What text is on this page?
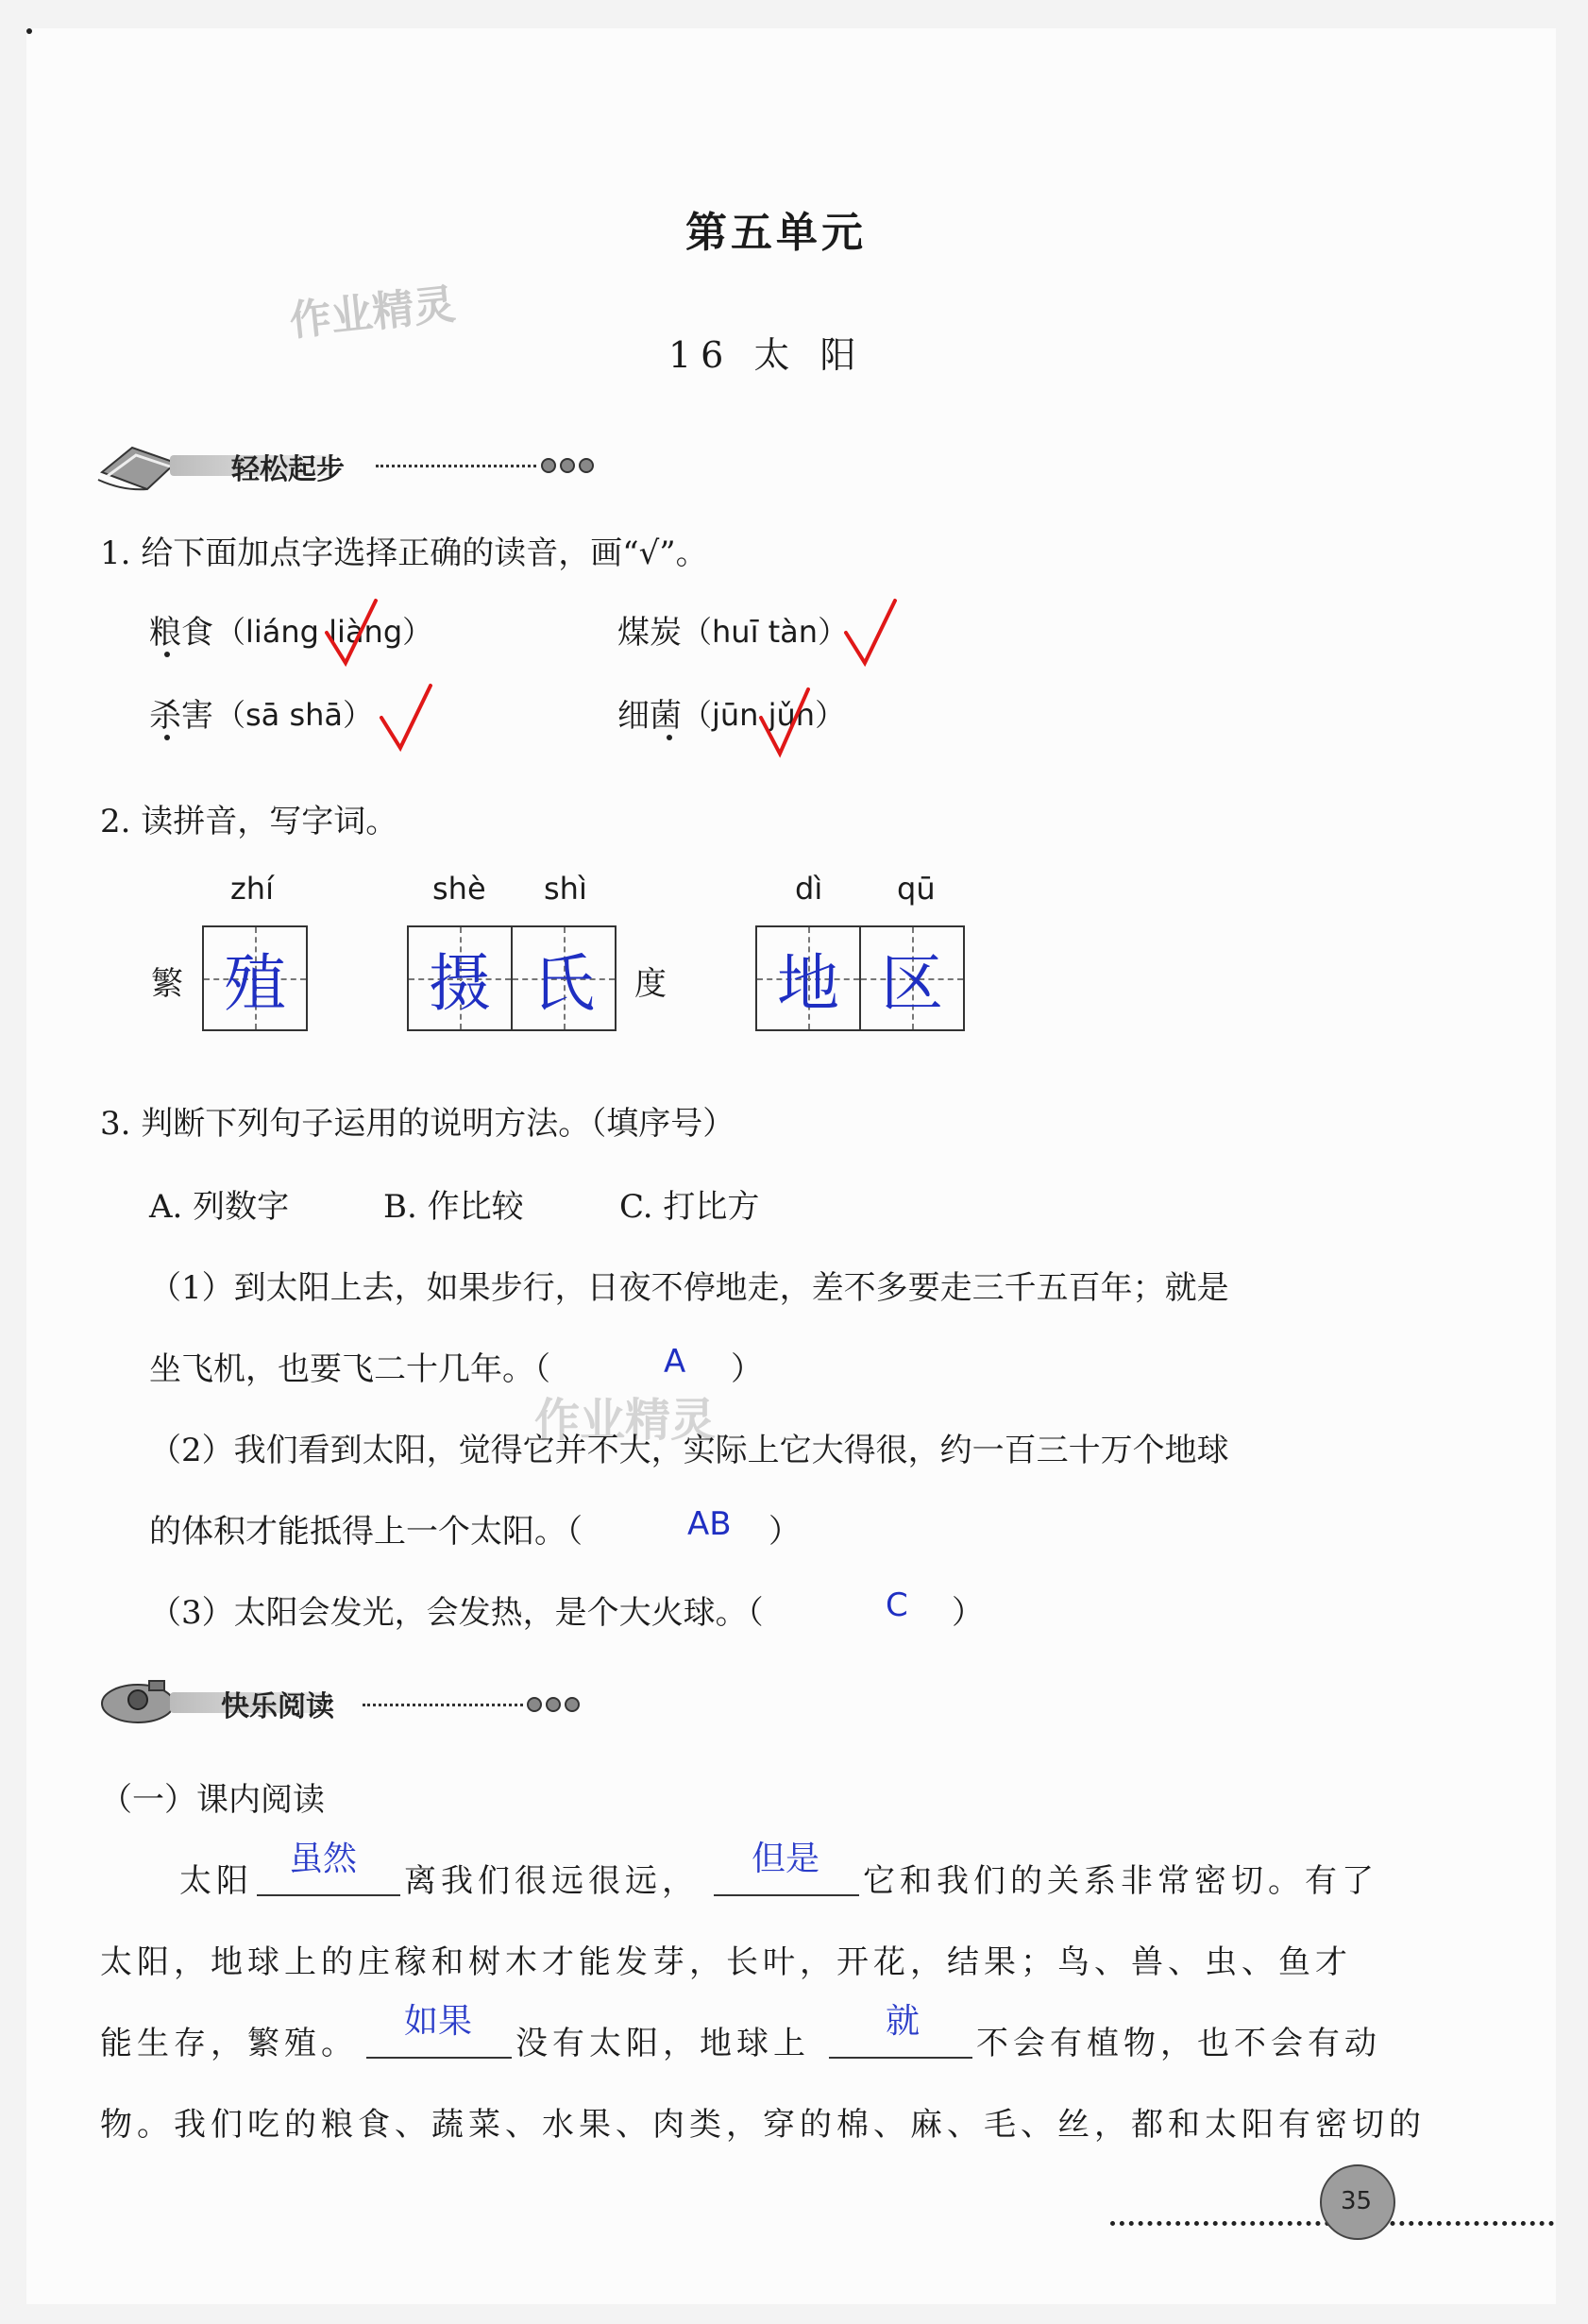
第五单元
作业精灵
16 太 阳
轻松起步
1. 给下面加点字选择正确的读音，画“√”。
粮食 （liáng liàng）	煤炭 （huī tàn）
杀害 （sā shā）	细菌 （jūn jǔn）
2. 读拼音，写字词。
zhí	shè shì	dì qū
繁 殖	摄 氏	度	地 区
3. 判断下列句子运用的说明方法。（填序号）
A. 列数字	B. 作比较	C. 打比方
（1）到太阳上去，如果步行，日夜不停地走，差不多要走三千五百年；就是
坐飞机，也要飞二十几年。（	A ）
作业精灵
（2）我们看到太阳，觉得它并不大，实际上它大得很，约一百三十万个地球
的体积才能抵得上一个太阳。（	AB ）
（3）太阳会发光，会发热，是个大火球。（	C ）
快乐阅读
（一）课内阅读
太阳
虽然
离我们很远很远，
但是
它和我们的关系非常密切。有了
太阳，地球上的庄稼和树木才能发芽，长叶，开花，结果；鸟、兽、虫、鱼才
能生存，繁殖。
如果
没有太阳，地球上
就
不会有植物，也不会有动
物。我们吃的粮食、蔬菜、水果、肉类，穿的棉、麻、毛、丝，都和太阳有密切的
35
